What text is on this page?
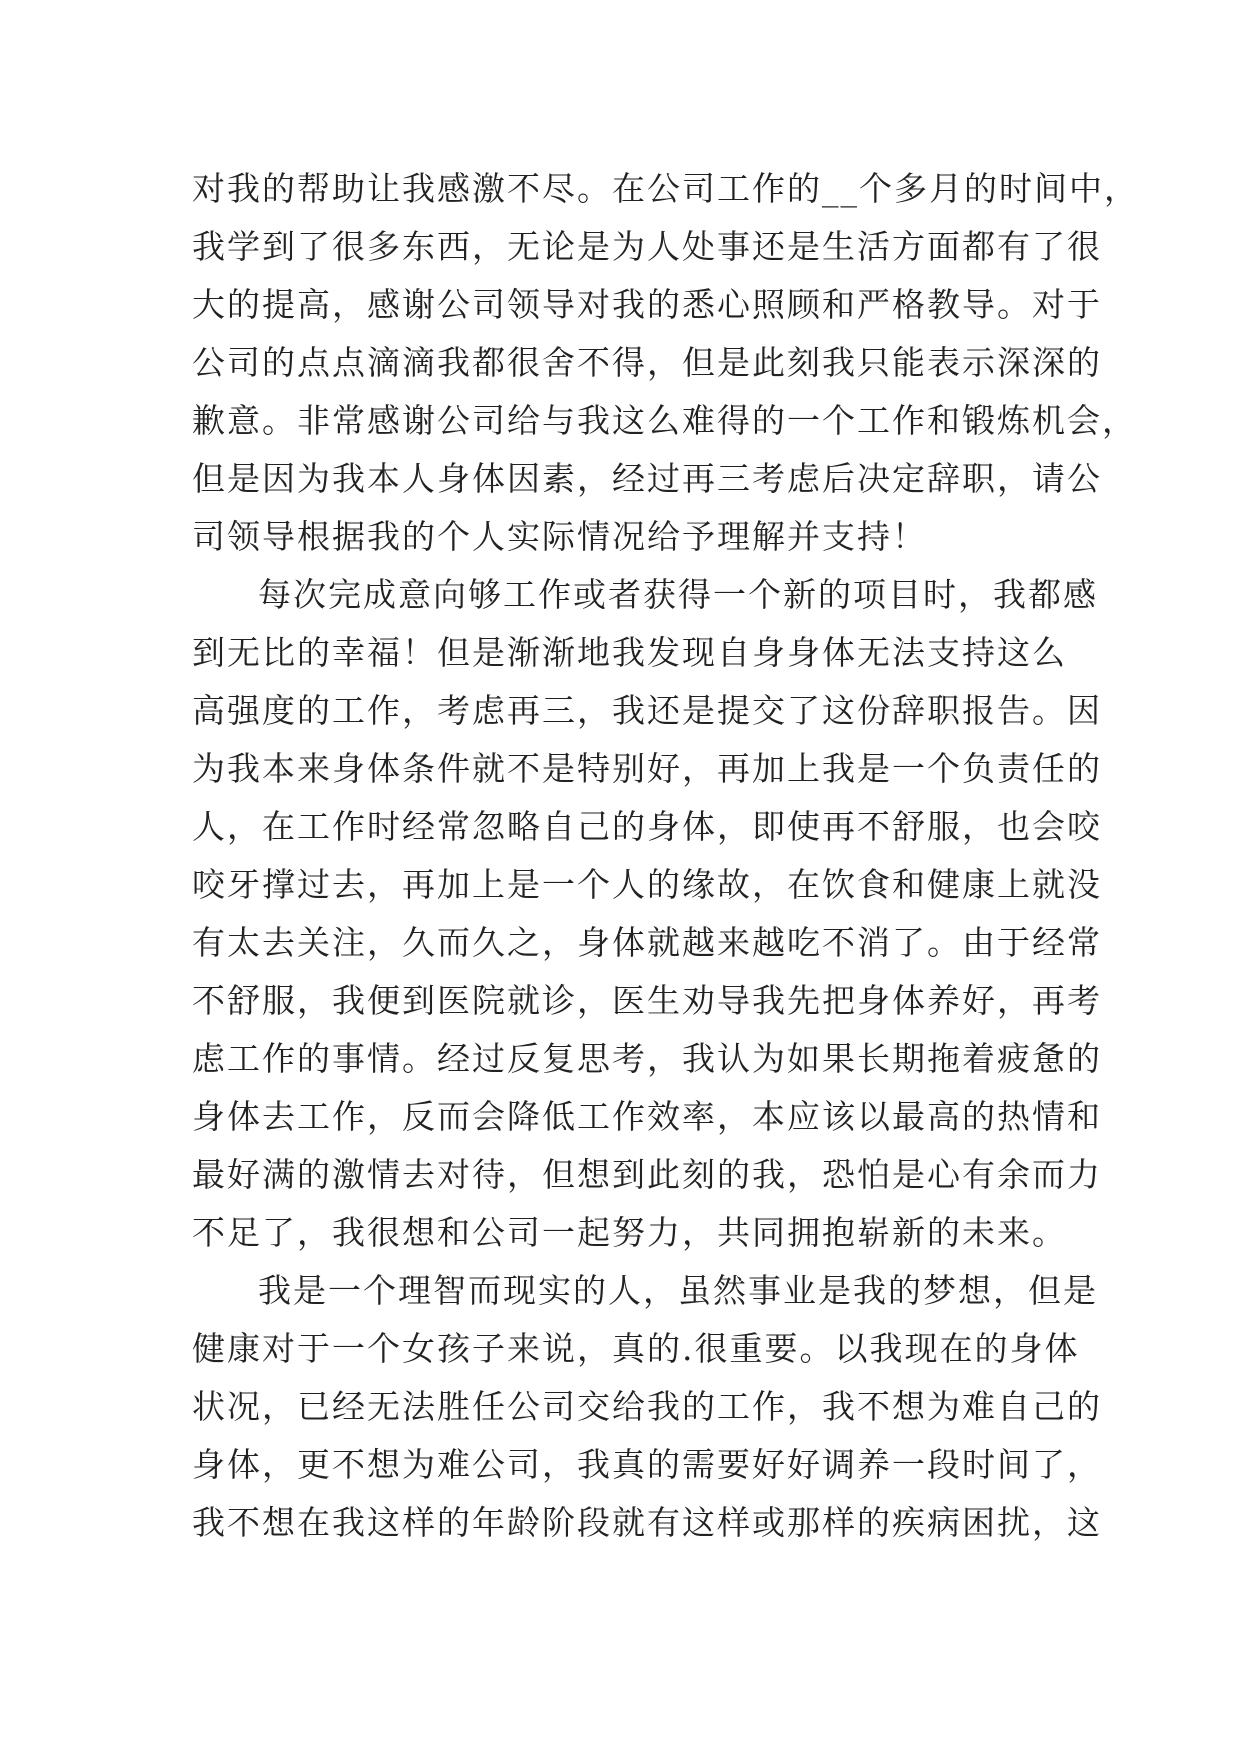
对我的帮助让我感激不尽。在公司工作的__个多月的时间中，
我学到了很多东西，无论是为人处事还是生活方面都有了很
大的提高，感谢公司领导对我的悉心照顾和严格教导。对于
公司的点点滴滴我都很舍不得，但是此刻我只能表示深深的
歉意。非常感谢公司给与我这么难得的一个工作和锻炼机会，
但是因为我本人身体因素，经过再三考虑后决定辞职，请公
司领导根据我的个人实际情况给予理解并支持！
每次完成意向够工作或者获得一个新的项目时，我都感
到无比的幸福！但是渐渐地我发现自身身体无法支持这么
高强度的工作，考虑再三，我还是提交了这份辞职报告。因
为我本来身体条件就不是特别好，再加上我是一个负责任的
人，在工作时经常忽略自己的身体，即使再不舒服，也会咬
咬牙撑过去，再加上是一个人的缘故，在饮食和健康上就没
有太去关注，久而久之，身体就越来越吃不消了。由于经常
不舒服，我便到医院就诊，医生劝导我先把身体养好，再考
虑工作的事情。经过反复思考，我认为如果长期拖着疲惫的
身体去工作，反而会降低工作效率，本应该以最高的热情和
最好满的激情去对待，但想到此刻的我，恐怕是心有余而力
不足了，我很想和公司一起努力，共同拥抱崭新的未来。
我是一个理智而现实的人，虽然事业是我的梦想，但是
健康对于一个女孩子来说，真的.很重要。以我现在的身体
状况，已经无法胜任公司交给我的工作，我不想为难自己的
身体，更不想为难公司，我真的需要好好调养一段时间了，
我不想在我这样的年龄阶段就有这样或那样的疾病困扰，这
